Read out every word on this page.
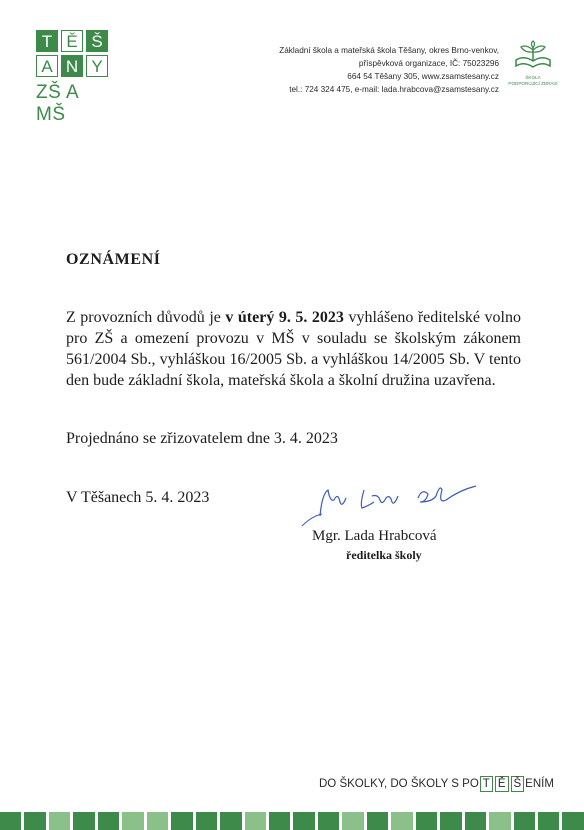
T Ě Š
A N Y
ZŠ A MŠ
Základní škola a mateřská škola Těšany, okres Brno-venkov,
příspěvková organizace, IČ: 75023296
664 54 Těšany 305, www.zsamstesany.cz
tel.: 724 324 475, e-mail: lada.hrabcova@zsamstesany.cz
ŠKOLA
PODPORUJÍCÍ ZDRAVÍ
OZNÁMENÍ
Z provozních důvodů je v úterý 9. 5. 2023 vyhlášeno ředitelské volno pro ZŠ a omezení provozu v MŠ v souladu se školským zákonem 561/2004 Sb., vyhláškou 16/2005 Sb. a vyhláškou 14/2005 Sb. V tento den bude základní škola, mateřská škola a školní družina uzavřena.
Projednáno se zřizovatelem dne 3. 4. 2023
V Těšanech 5. 4. 2023
Mgr. Lada Hrabcová
ředitelka školy
DO ŠKOLKY, DO ŠKOLY S PO T Ě Š ENÍM
